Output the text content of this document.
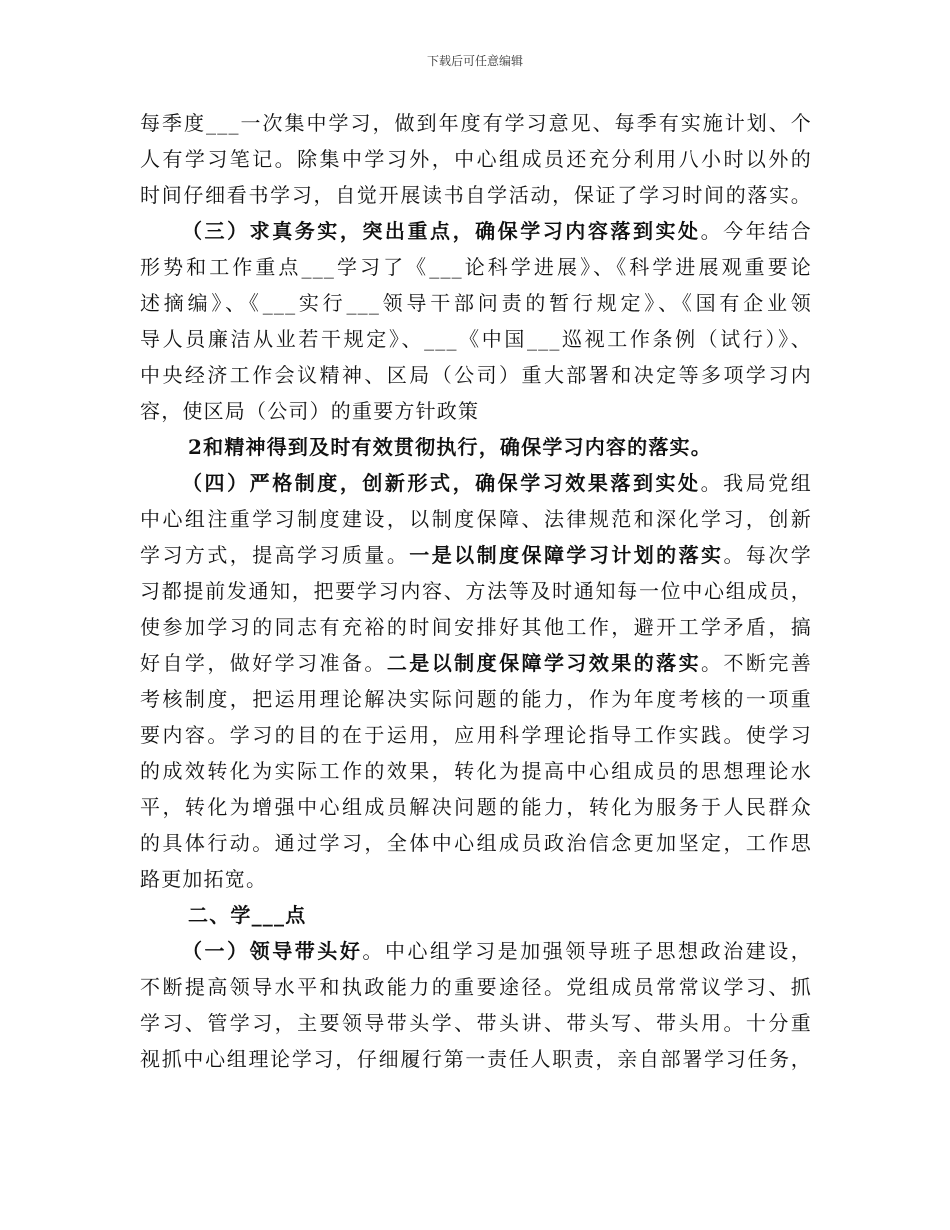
下载后可任意编辑
每季度___一次集中学习，做到年度有学习意见、每季有实施计划、个
人有学习笔记。除集中学习外，中心组成员还充分利用八小时以外的
时间仔细看书学习，自觉开展读书自学活动，保证了学习时间的落实。
（三）求真务实，突出重点，确保学习内容落到实处。今年结合
形势和工作重点___学习了《___论科学进展》、《科学进展观重要论
述摘编》、《___实行___领导干部问责的暂行规定》、《国有企业领
导人员廉洁从业若干规定》、___《中国___巡视工作条例（试行）》、
中央经济工作会议精神、区局（公司）重大部署和决定等多项学习内
容，使区局（公司）的重要方针政策
2和精神得到及时有效贯彻执行，确保学习内容的落实。
（四）严格制度，创新形式，确保学习效果落到实处。我局党组
中心组注重学习制度建设，以制度保障、法律规范和深化学习，创新
学习方式，提高学习质量。一是以制度保障学习计划的落实。每次学
习都提前发通知，把要学习内容、方法等及时通知每一位中心组成员，
使参加学习的同志有充裕的时间安排好其他工作，避开工学矛盾，搞
好自学，做好学习准备。二是以制度保障学习效果的落实。不断完善
考核制度，把运用理论解决实际问题的能力，作为年度考核的一项重
要内容。学习的目的在于运用，应用科学理论指导工作实践。使学习
的成效转化为实际工作的效果，转化为提高中心组成员的思想理论水
平，转化为增强中心组成员解决问题的能力，转化为服务于人民群众
的具体行动。通过学习，全体中心组成员政治信念更加坚定，工作思
路更加拓宽。
二、学___点
（一）领导带头好。中心组学习是加强领导班子思想政治建设，
不断提高领导水平和执政能力的重要途径。党组成员常常议学习、抓
学习、管学习，主要领导带头学、带头讲、带头写、带头用。十分重
视抓中心组理论学习，仔细履行第一责任人职责，亲自部署学习任务，
